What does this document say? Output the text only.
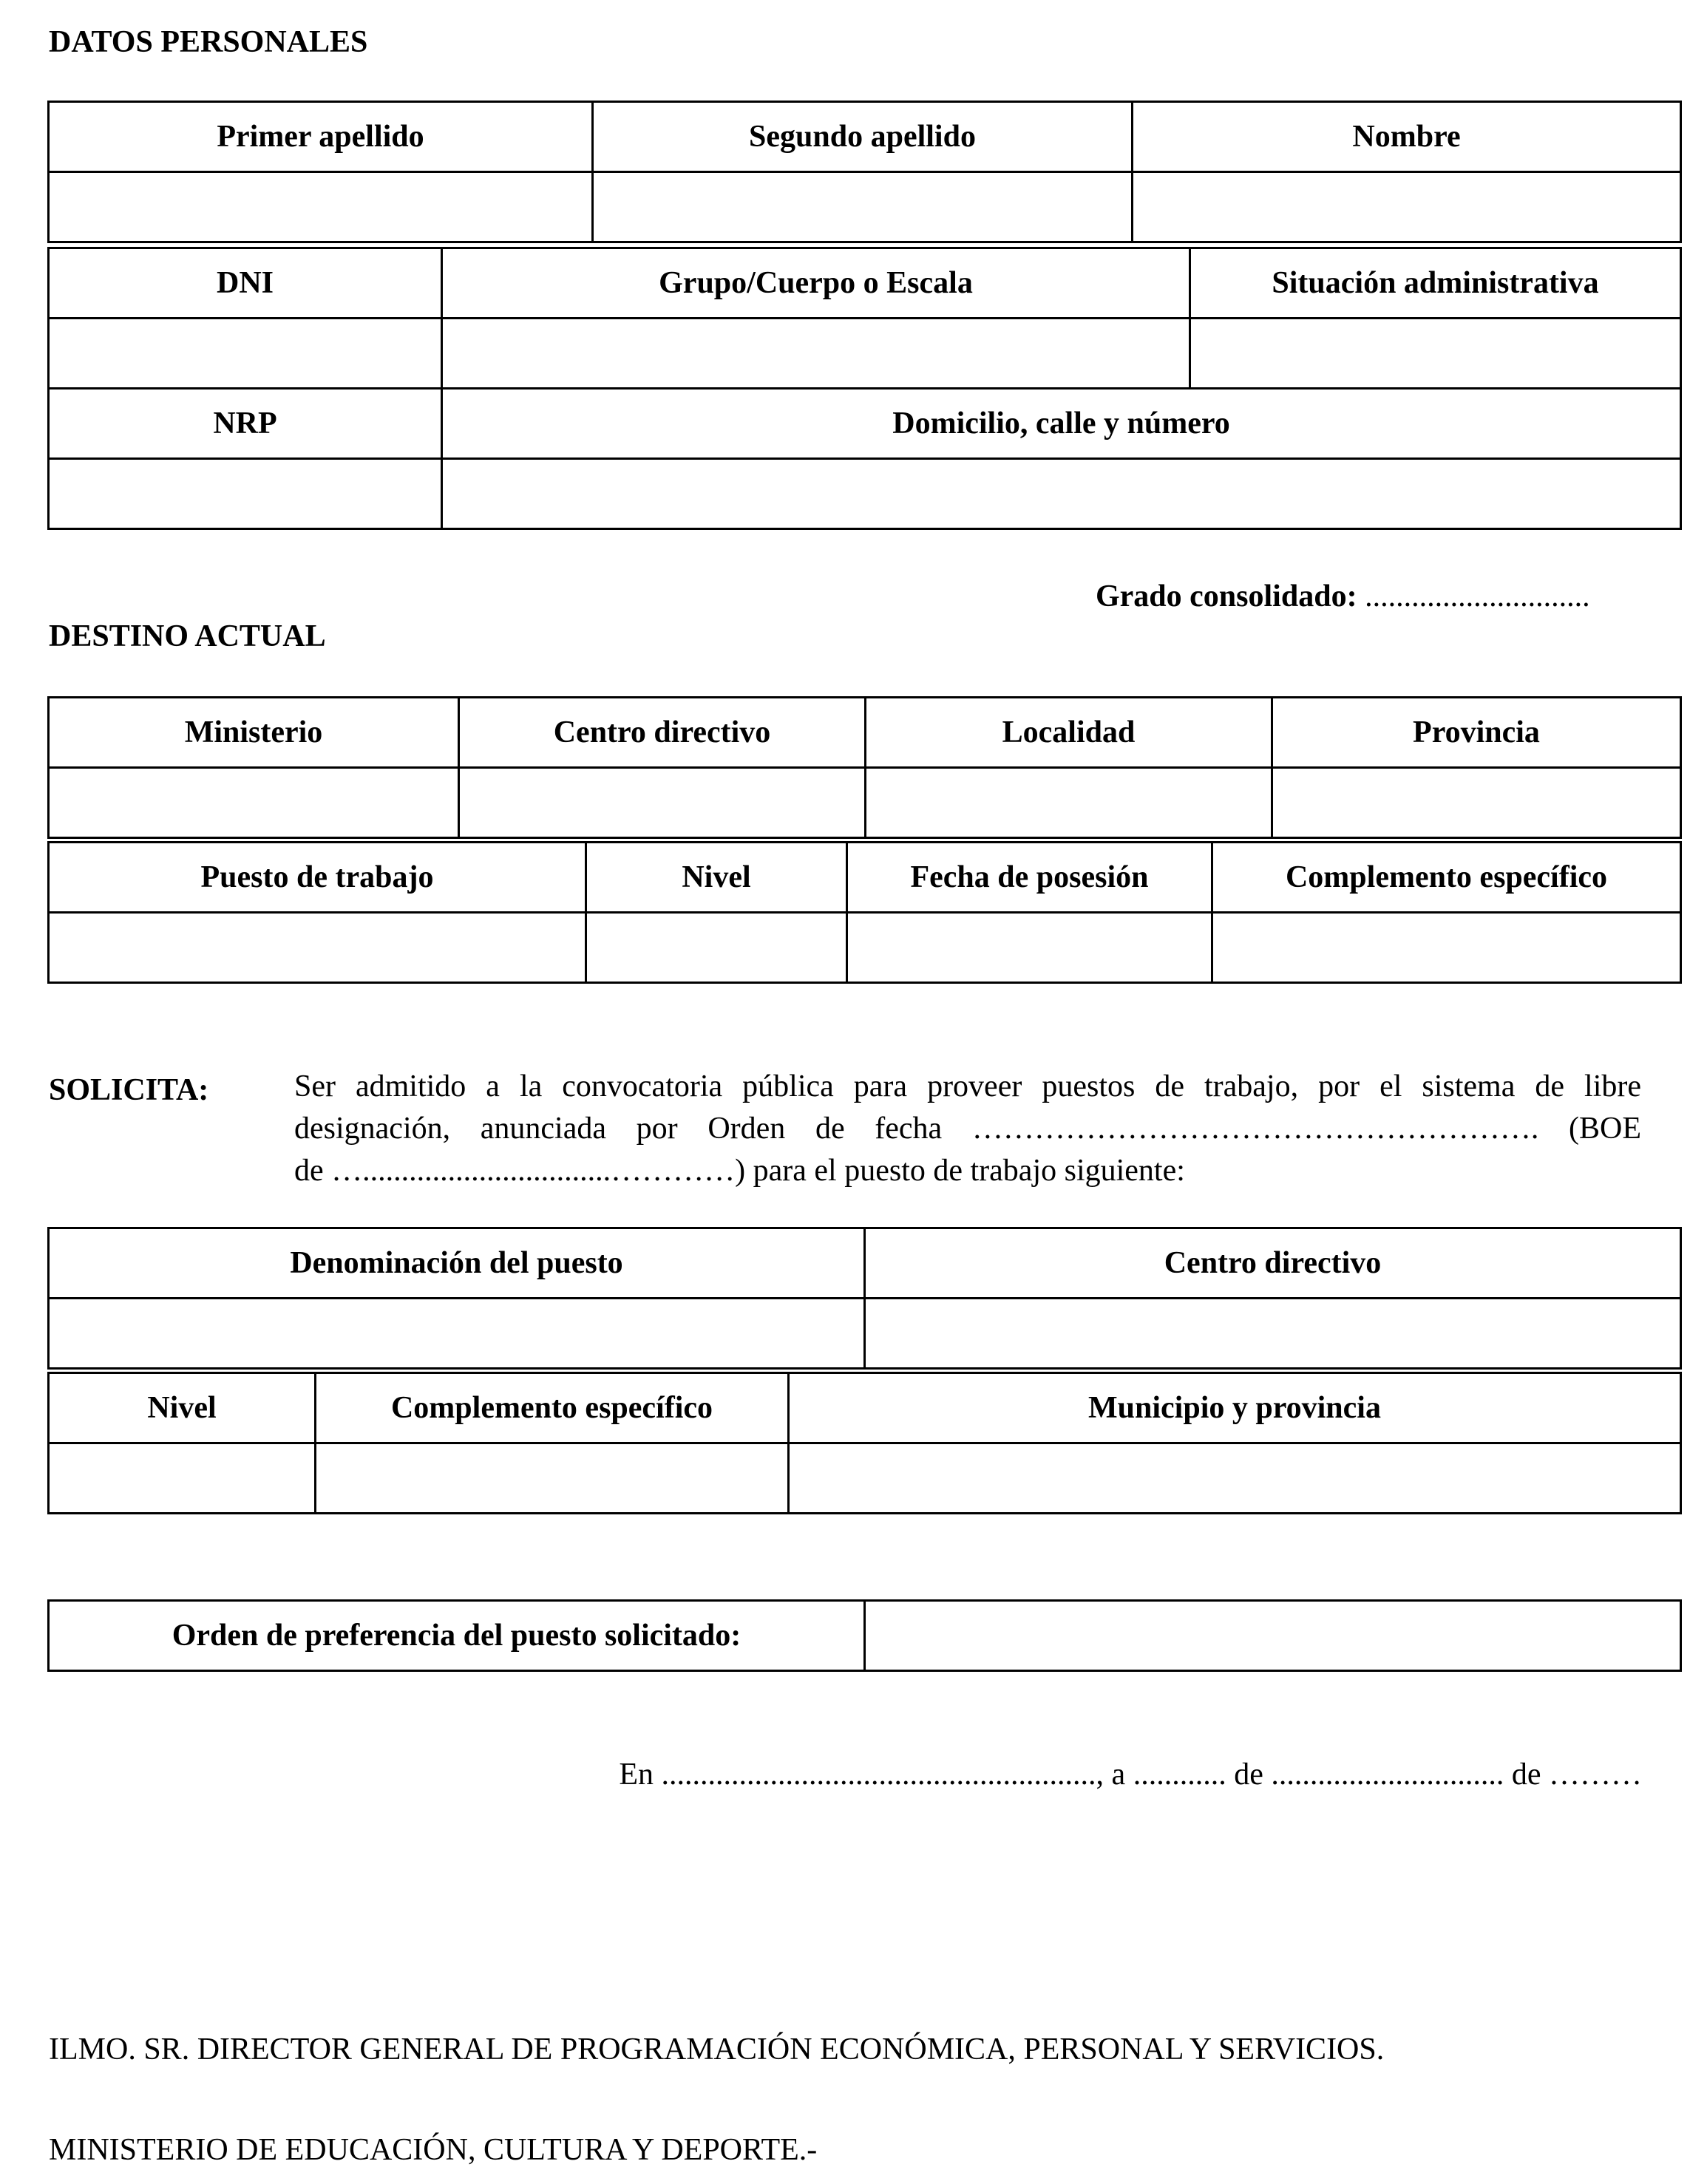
DATOS PERSONALES
Primer apellido	Segundo apellido	Nombre

DNI	Grupo/Cuerpo o Escala	Situación administrativa

NRP	Domicilio, calle y número	

Grado consolidado: .............................
DESTINO ACTUAL
Ministerio	Centro directivo	Localidad	Provincia

Puesto de trabajo	Nivel	Fecha de posesión	Complemento específico

SOLICITA:	Ser admitido a la convocatoria pública para proveer puestos de trabajo, por el sistema de libre
designación, anunciada por Orden de fecha ………………………………………………. (BOE
de …................................…………) para el puesto de trabajo siguiente:
Denominación del puesto	Centro directivo

Nivel	Complemento específico	Municipio y provincia

Orden de preferencia del puesto solicitado:	
En ........................................................, a ............ de .............................. de ………
ILMO. SR. DIRECTOR GENERAL DE PROGRAMACIÓN ECONÓMICA, PERSONAL Y SERVICIOS.
MINISTERIO DE EDUCACIÓN, CULTURA Y DEPORTE.-
